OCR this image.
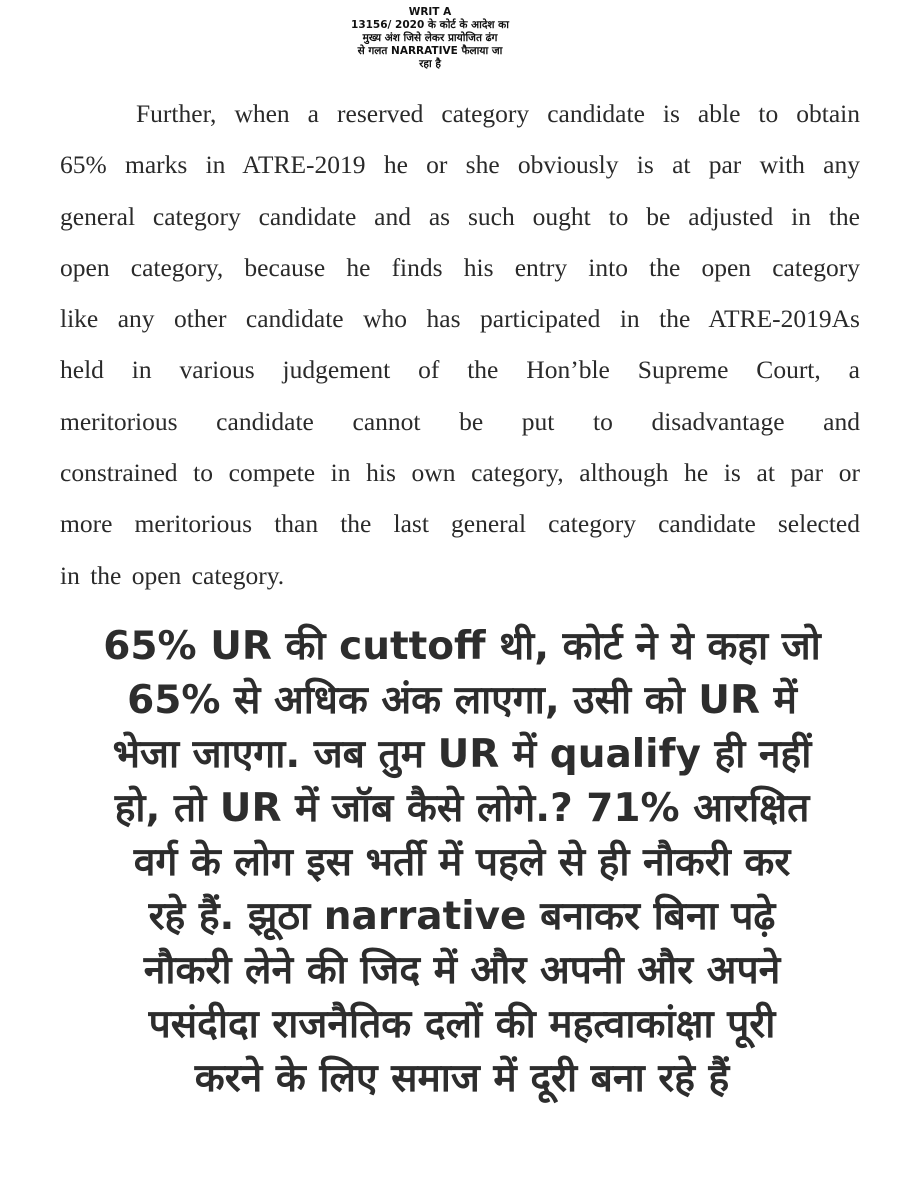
WRIT A
13156/ 2020 के कोर्ट के आदेश का
मुख्य अंश जिसे लेकर प्रायोजित ढंग
से गलत NARRATIVE फैलाया जा
रहा है
Further, when a reserved category candidate is able to obtain
65% marks in ATRE-2019 he or she obviously is at par with any
general category candidate and as such ought to be adjusted in the
open category, because he finds his entry into the open category
like any other candidate who has participated in the ATRE-2019As
held in various judgement of the Hon’ble Supreme Court, a
meritorious candidate cannot be put to disadvantage and
constrained to compete in his own category, although he is at par or
more meritorious than the last general category candidate selected
in the open category.
65% UR की cuttoff थी, कोर्ट ने ये कहा जो
65% से अधिक अंक लाएगा, उसी को UR में
भेजा जाएगा. जब तुम UR में qualify ही नहीं
हो, तो UR में जॉब कैसे लोगे.? 71% आरक्षित
वर्ग के लोग इस भर्ती में पहले से ही नौकरी कर
रहे हैं. झूठा narrative बनाकर बिना पढ़े
नौकरी लेने की जिद में और अपनी और अपने
पसंदीदा राजनैतिक दलों की महत्वाकांक्षा पूरी
करने के लिए समाज में दूरी बना रहे हैं
